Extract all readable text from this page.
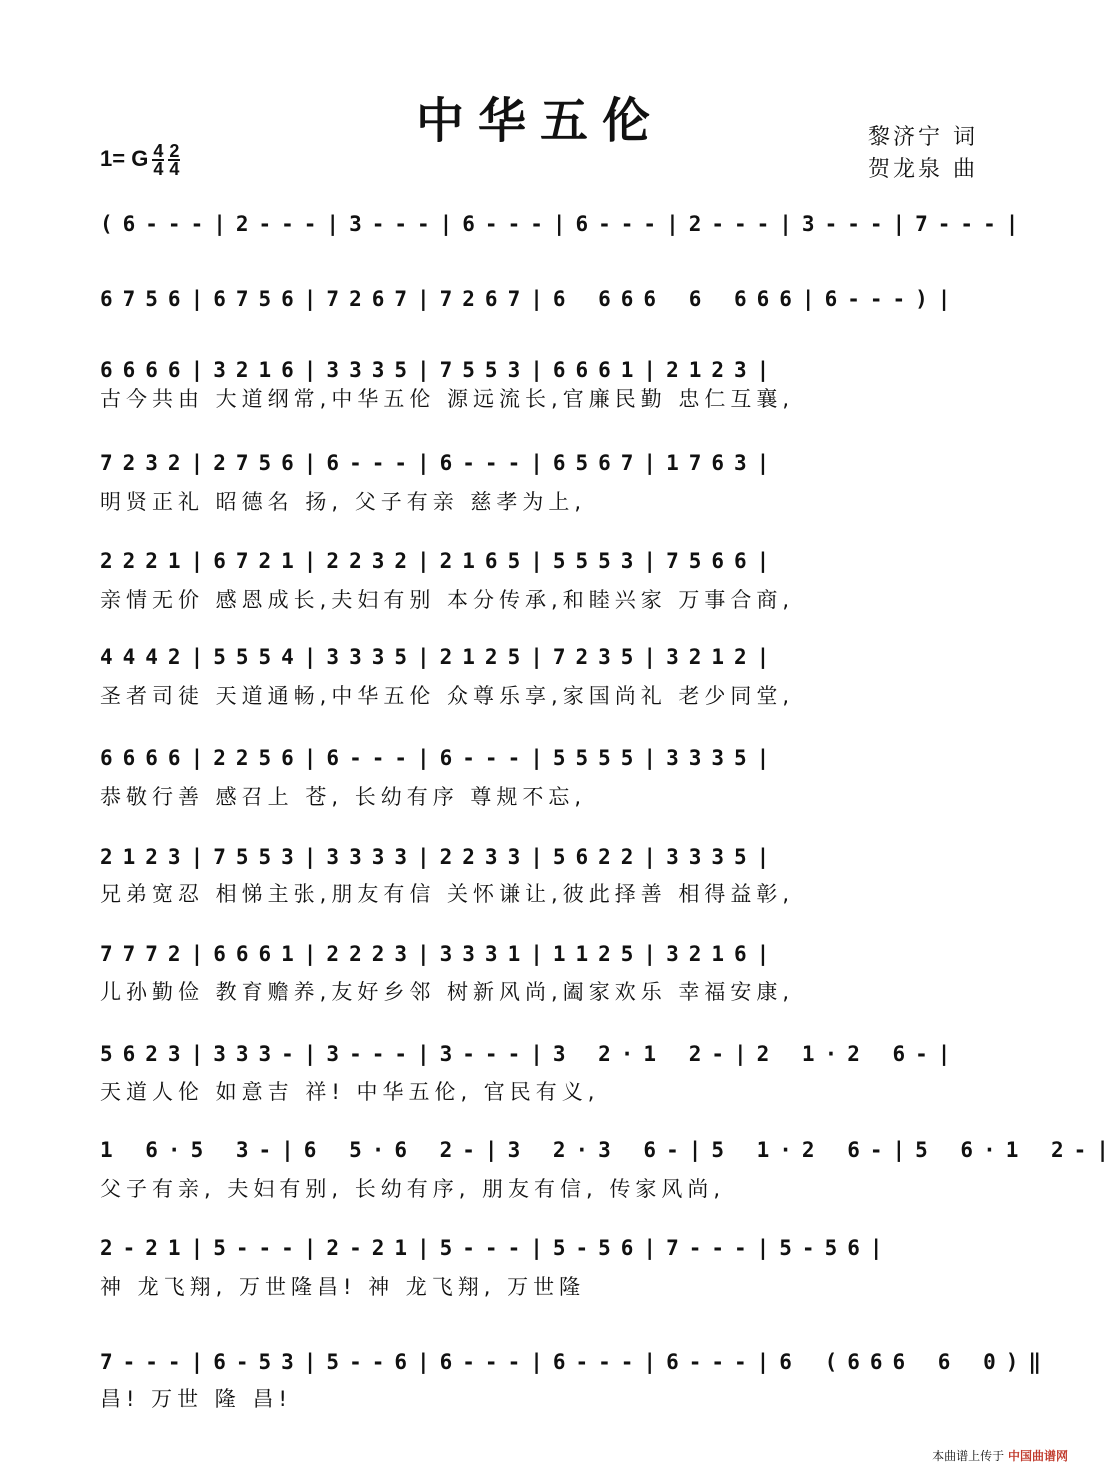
中华五伦	黎济宁 词
贺龙泉 曲
1= G $\frac{4}{4} \frac{2}{4}$
(6---|2---|3---|6---|6---|2---|3---|7---|
6756|6756|7267|7267|6 666 6 666|6---)|
6666|3216|3335|7553|6661|2123|
古今共由 大道纲常,中华五伦 源远流长,官廉民勤 忠仁互襄,
7232|2756|6---|6---|6567|1763|
明贤正礼 昭德名 扬, 父子有亲 慈孝为上,
2221|6721|2232|2165|5553|7566|
亲情无价 感恩成长,夫妇有别 本分传承,和睦兴家 万事合商,
4442|5554|3335|2125|7235|3212|
圣者司徒 天道通畅,中华五伦 众尊乐享,家国尚礼 老少同堂,
6666|2256|6---|6---|5555|3335|
恭敬行善 感召上 苍, 长幼有序 尊规不忘,
2123|7553|3333|2233|5622|3335|
兄弟宽忍 相悌主张,朋友有信 关怀谦让,彼此择善 相得益彰,
7772|6661|2223|3331|1125|3216|
儿孙勤俭 教育赡养,友好乡邻 树新风尚,阖家欢乐 幸福安康,
5623|333-|3---|3---|3 2·1 2-|2 1·2 6-|
天道人伦 如意吉 祥! 中华五伦, 官民有义,
1 6·5 3-|6 5·6 2-|3 2·3 6-|5 1·2 6-|5 6·1 2-|
父子有亲, 夫妇有别, 长幼有序, 朋友有信, 传家风尚,
2-21|5---|2-21|5---|5-56|7---|5-56|
神 龙飞翔, 万世隆昌! 神 龙飞翔, 万世隆
7---|6-53|5--6|6---|6---|6---|6 (666 6 0)‖
昌! 万世 隆 昌!
本曲谱上传于 中国曲谱网
